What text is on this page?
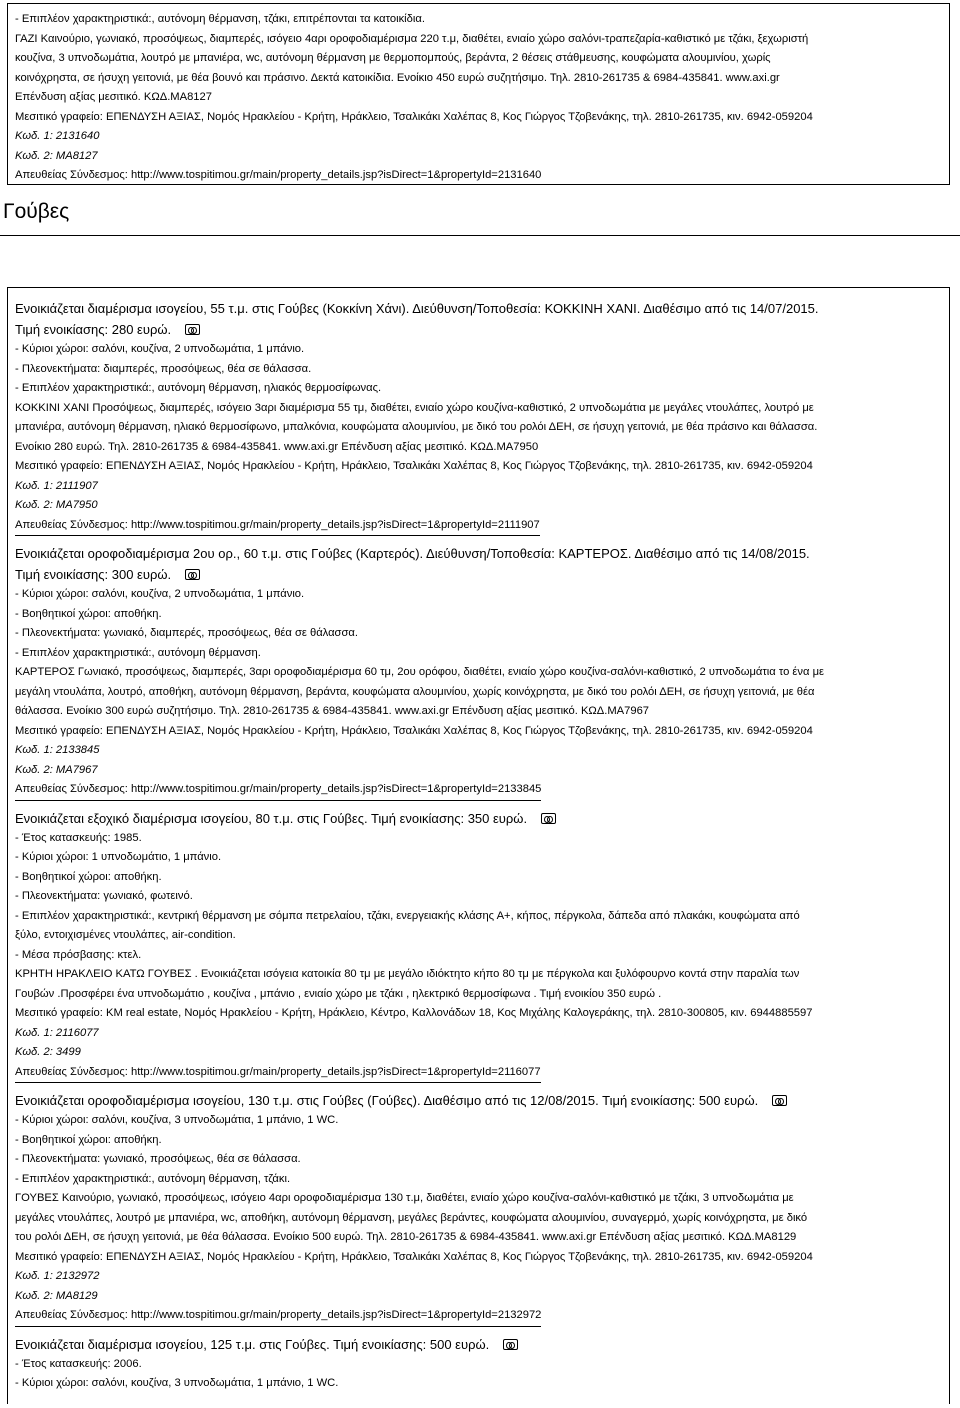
- Επιπλέον χαρακτηριστικά:, αυτόνομη θέρμανση, τζάκι, επιτρέπονται τα κατοικίδια.
ΓΑΖΙ Καινούριο, γωνιακό, προσόψεως, διαμπερές, ισόγειο 4αρι οροφοδιαμέρισμα 220 τ.μ, διαθέτει, ενιαίο χώρο σαλόνι-τραπεζαρία-καθιστικό με τζάκι, ξεχωριστή
κουζίνα, 3 υπνοδωμάτια, λουτρό με μπανιέρα, wc, αυτόνομη θέρμανση με θερμοπομπούς, βεράντα, 2 θέσεις στάθμευσης, κουφώματα αλουμινίου, χωρίς
κοινόχρηστα, σε ήσυχη γειτονιά, με θέα βουνό και πράσινο. Δεκτά κατοικίδια. Ενοίκιο 450 ευρώ συζητήσιμο. Τηλ. 2810-261735 & 6984-435841. www.axi.gr
Επένδυση αξίας μεσιτικό. ΚΩΔ.ΜΑ8127
Μεσιτικό γραφείο: ΕΠΕΝΔΥΣΗ ΑΞΙΑΣ, Νομός Ηρακλείου - Κρήτη, Ηράκλειο, Τσαλικάκι Χαλέπας 8, Κος Γιώργος Τζοβενάκης, τηλ. 2810-261735, κιν. 6942-059204
Κωδ. 1: 2131640
Κωδ. 2: ΜΑ8127
Απευθείας Σύνδεσμος: http://www.tospitimou.gr/main/property_details.jsp?isDirect=1&propertyId=2131640
Γούβες
Ενοικιάζεται διαμέρισμα ισογείου, 55 τ.μ. στις Γούβες (Κοκκίνη Χάνι). Διεύθυνση/Τοποθεσία: ΚΟΚΚΙΝΗ ΧΑΝΙ. Διαθέσιμο από τις 14/07/2015.
Τιμή ενοικίασης: 280 ευρώ.
- Κύριοι χώροι: σαλόνι, κουζίνα, 2 υπνοδωμάτια, 1 μπάνιο.
- Πλεονεκτήματα: διαμπερές, προσόψεως, θέα σε θάλασσα.
- Επιπλέον χαρακτηριστικά:, αυτόνομη θέρμανση, ηλιακός θερμοσίφωνας.
ΚΟΚΚΙΝΙ ΧΑΝΙ Προσόψεως, διαμπερές, ισόγειο 3αρι διαμέρισμα 55 τμ, διαθέτει, ενιαίο χώρο κουζίνα-καθιστικό, 2 υπνοδωμάτια με μεγάλες ντουλάπες, λουτρό με
μπανιέρα, αυτόνομη θέρμανση, ηλιακό θερμοσίφωνο, μπαλκόνια, κουφώματα αλουμινίου, με δικό του ρολόι ΔΕΗ, σε ήσυχη γειτονιά, με θέα πράσινο και θάλασσα.
Ενοίκιο 280 ευρώ. Τηλ. 2810-261735 & 6984-435841. www.axi.gr Επένδυση αξίας μεσιτικό. ΚΩΔ.ΜΑ7950
Μεσιτικό γραφείο: ΕΠΕΝΔΥΣΗ ΑΞΙΑΣ, Νομός Ηρακλείου - Κρήτη, Ηράκλειο, Τσαλικάκι Χαλέπας 8, Κος Γιώργος Τζοβενάκης, τηλ. 2810-261735, κιν. 6942-059204
Κωδ. 1: 2111907
Κωδ. 2: ΜΑ7950
Απευθείας Σύνδεσμος: http://www.tospitimou.gr/main/property_details.jsp?isDirect=1&propertyId=2111907
Ενοικιάζεται οροφοδιαμέρισμα 2ου ορ., 60 τ.μ. στις Γούβες (Καρτερός). Διεύθυνση/Τοποθεσία: ΚΑΡΤΕΡΟΣ. Διαθέσιμο από τις 14/08/2015.
Τιμή ενοικίασης: 300 ευρώ.
- Κύριοι χώροι: σαλόνι, κουζίνα, 2 υπνοδωμάτια, 1 μπάνιο.
- Βοηθητικοί χώροι: αποθήκη.
- Πλεονεκτήματα: γωνιακό, διαμπερές, προσόψεως, θέα σε θάλασσα.
- Επιπλέον χαρακτηριστικά:, αυτόνομη θέρμανση.
ΚΑΡΤΕΡΟΣ Γωνιακό, προσόψεως, διαμπερές, 3αρι οροφοδιαμέρισμα 60 τμ, 2ου ορόφου, διαθέτει, ενιαίο χώρο κουζίνα-σαλόνι-καθιστικό, 2 υπνοδωμάτια το ένα με
μεγάλη ντουλάπα, λουτρό, αποθήκη, αυτόνομη θέρμανση, βεράντα, κουφώματα αλουμινίου, χωρίς κοινόχρηστα, με δικό του ρολόι ΔΕΗ, σε ήσυχη γειτονιά, με θέα
θάλασσα. Ενοίκιο 300 ευρώ συζητήσιμο. Τηλ. 2810-261735 & 6984-435841. www.axi.gr Επένδυση αξίας μεσιτικό. ΚΩΔ.ΜΑ7967
Μεσιτικό γραφείο: ΕΠΕΝΔΥΣΗ ΑΞΙΑΣ, Νομός Ηρακλείου - Κρήτη, Ηράκλειο, Τσαλικάκι Χαλέπας 8, Κος Γιώργος Τζοβενάκης, τηλ. 2810-261735, κιν. 6942-059204
Κωδ. 1: 2133845
Κωδ. 2: ΜΑ7967
Απευθείας Σύνδεσμος: http://www.tospitimou.gr/main/property_details.jsp?isDirect=1&propertyId=2133845
Ενοικιάζεται εξοχικό διαμέρισμα ισογείου, 80 τ.μ. στις Γούβες. Τιμή ενοικίασης: 350 ευρώ.
- Έτος κατασκευής: 1985.
- Κύριοι χώροι: 1 υπνοδωμάτιο, 1 μπάνιο.
- Βοηθητικοί χώροι: αποθήκη.
- Πλεονεκτήματα: γωνιακό, φωτεινό.
- Επιπλέον χαρακτηριστικά:, κεντρική θέρμανση με σόμπα πετρελαίου, τζάκι, ενεργειακής κλάσης Α+, κήπος, πέργκολα, δάπεδα από πλακάκι, κουφώματα από
ξύλο, εντοιχισμένες ντουλάπες, air-condition.
- Μέσα πρόσβασης: κτελ.
ΚΡΗΤΗ ΗΡΑΚΛΕΙΟ ΚΑΤΩ ΓΟΥΒΕΣ . Ενοικιάζεται ισόγεια κατοικία 80 τμ με μεγάλο ιδιόκτητο κήπο 80 τμ με πέργκολα και ξυλόφουρνο κοντά στην παραλία των
Γουβών .Προσφέρει ένα υπνοδωμάτιο , κουζίνα , μπάνιο , ενιαίο χώρο με τζάκι , ηλεκτρικό θερμοσίφωνα . Τιμή ενοικίου 350 ευρώ .
Μεσιτικό γραφείο: KM real estate, Νομός Ηρακλείου - Κρήτη, Ηράκλειο, Κέντρο, Καλλονάδων 18, Κος Μιχάλης Καλογεράκης, τηλ. 2810-300805, κιν. 6944885597
Κωδ. 1: 2116077
Κωδ. 2: 3499
Απευθείας Σύνδεσμος: http://www.tospitimou.gr/main/property_details.jsp?isDirect=1&propertyId=2116077
Ενοικιάζεται οροφοδιαμέρισμα ισογείου, 130 τ.μ. στις Γούβες (Γούβες). Διαθέσιμο από τις 12/08/2015. Τιμή ενοικίασης: 500 ευρώ.
- Κύριοι χώροι: σαλόνι, κουζίνα, 3 υπνοδωμάτια, 1 μπάνιο, 1 WC.
- Βοηθητικοί χώροι: αποθήκη.
- Πλεονεκτήματα: γωνιακό, προσόψεως, θέα σε θάλασσα.
- Επιπλέον χαρακτηριστικά:, αυτόνομη θέρμανση, τζάκι.
ΓΟΥΒΕΣ Καινούριο, γωνιακό, προσόψεως, ισόγειο 4αρι οροφοδιαμέρισμα 130 τ.μ, διαθέτει, ενιαίο χώρο κουζίνα-σαλόνι-καθιστικό με τζάκι, 3 υπνοδωμάτια με
μεγάλες ντουλάπες, λουτρό με μπανιέρα, wc, αποθήκη, αυτόνομη θέρμανση, μεγάλες βεράντες, κουφώματα αλουμινίου, συναγερμό, χωρίς κοινόχρηστα, με δικό
του ρολόι ΔΕΗ, σε ήσυχη γειτονιά, με θέα θάλασσα. Ενοίκιο 500 ευρώ. Τηλ. 2810-261735 & 6984-435841. www.axi.gr Επένδυση αξίας μεσιτικό. ΚΩΔ.ΜΑ8129
Μεσιτικό γραφείο: ΕΠΕΝΔΥΣΗ ΑΞΙΑΣ, Νομός Ηρακλείου - Κρήτη, Ηράκλειο, Τσαλικάκι Χαλέπας 8, Κος Γιώργος Τζοβενάκης, τηλ. 2810-261735, κιν. 6942-059204
Κωδ. 1: 2132972
Κωδ. 2: ΜΑ8129
Απευθείας Σύνδεσμος: http://www.tospitimou.gr/main/property_details.jsp?isDirect=1&propertyId=2132972
Ενοικιάζεται διαμέρισμα ισογείου, 125 τ.μ. στις Γούβες. Τιμή ενοικίασης: 500 ευρώ.
- Έτος κατασκευής: 2006.
- Κύριοι χώροι: σαλόνι, κουζίνα, 3 υπνοδωμάτια, 1 μπάνιο, 1 WC.
